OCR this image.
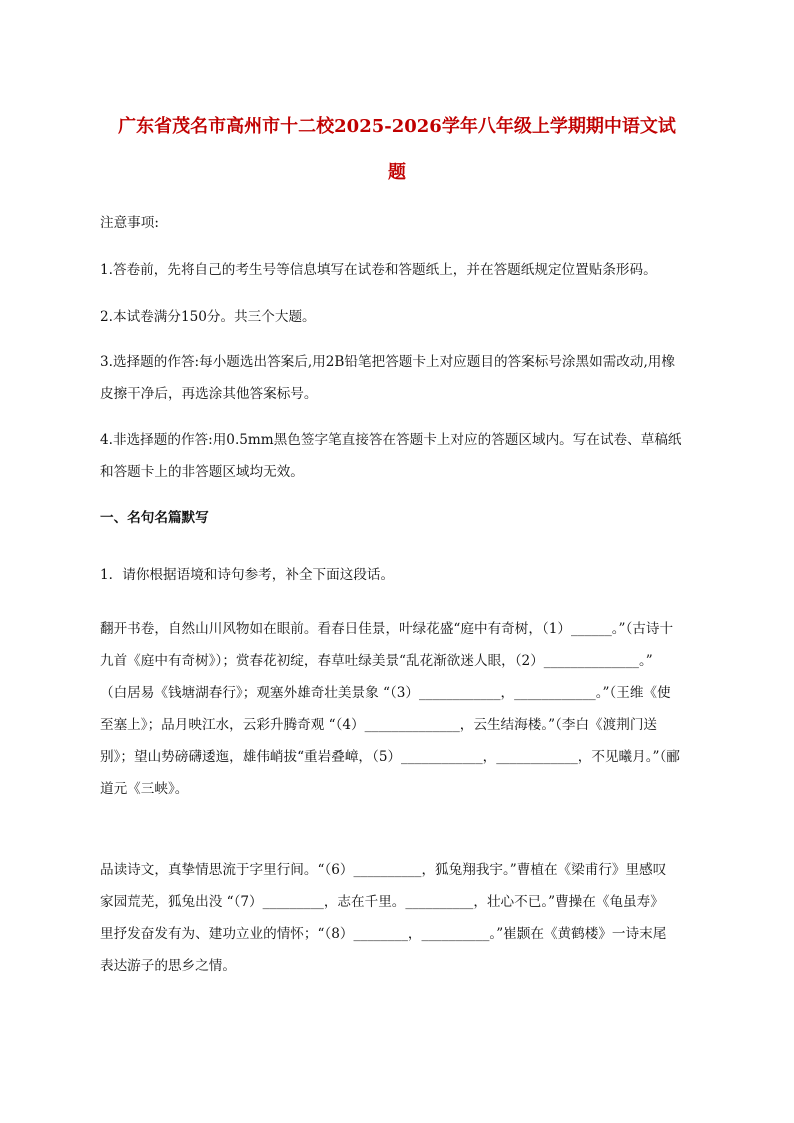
广东省茂名市高州市十二校2025-2026学年八年级上学期期中语文试
题

注意事项:

1.答卷前，先将自己的考生号等信息填写在试卷和答题纸上，并在答题纸规定位置贴条形码。

2.本试卷满分150分。共三个大题。

3.选择题的作答:每小题选出答案后,用2B铅笔把答题卡上对应题目的答案标号涂黑如需改动,用橡
皮擦干净后，再选涂其他答案标号。

4.非选择题的作答:用0.5mm黑色签字笔直接答在答题卡上对应的答题区域内。写在试卷、草稿纸
和答题卡上的非答题区域均无效。

一、名句名篇默写

1．请你根据语境和诗句参考，补全下面这段话。

翻开书卷，自然山川风物如在眼前。看春日佳景，叶绿花盛“庭中有奇树，（1）______。”（古诗十
九首《庭中有奇树》）；赏春花初绽，春草吐绿美景“乱花渐欲迷人眼，（2）______________。”
（白居易《钱塘湖春行》；观塞外雄奇壮美景象 “（3）____________，____________。”（王维《使
至塞上》；品月映江水，云彩升腾奇观 “（4）______________，云生结海楼。”（李白《渡荆门送
别》；望山势磅礴逶迤，雄伟峭拔“重岩叠嶂，（5）____________，____________，不见曦月。”（郦
道元《三峡》。

品读诗文，真挚情思流于字里行间。“（6）__________，狐兔翔我宇。”曹植在《梁甫行》里感叹
家园荒芜，狐兔出没 “（7）_________，志在千里。__________，壮心不已。”曹操在《龟虽寿》
里抒发奋发有为、建功立业的情怀；“（8）________，__________。”崔颢在《黄鹤楼》一诗末尾
表达游子的思乡之情。
